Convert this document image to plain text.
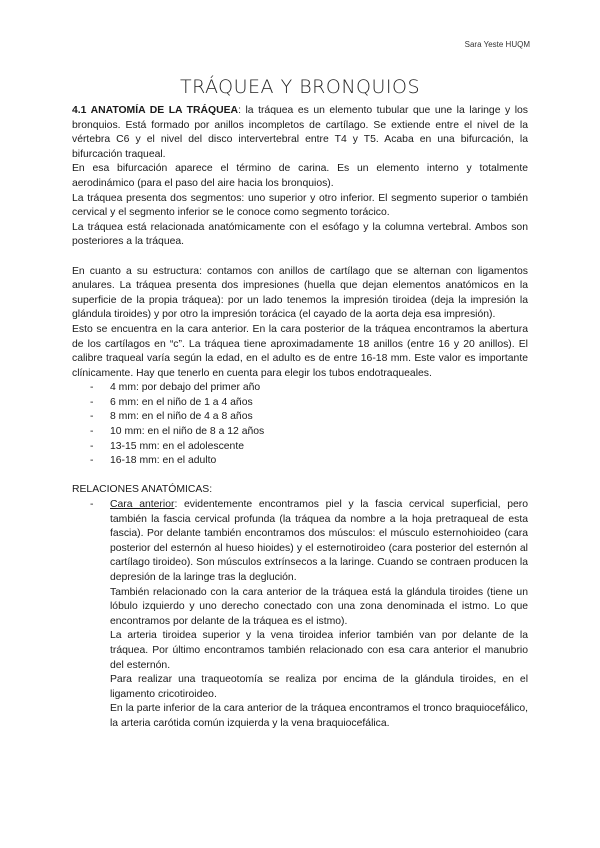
Sara Yeste HUQM
TRÁQUEA Y BRONQUIOS

4.1 ANATOMÍA DE LA TRÁQUEA: la tráquea es un elemento tubular que une la laringe y los bronquios. Está formado por anillos incompletos de cartílago. Se extiende entre el nivel de la vértebra C6 y el nivel del disco intervertebral entre T4 y T5. Acaba en una bifurcación, la bifurcación traqueal.

En esa bifurcación aparece el término de carina. Es un elemento interno y totalmente aerodinámico (para el paso del aire hacia los bronquios).

La tráquea presenta dos segmentos: uno superior y otro inferior. El segmento superior o también cervical y el segmento inferior se le conoce como segmento torácico.

La tráquea está relacionada anatómicamente con el esófago y la columna vertebral. Ambos son posteriores a la tráquea.

En cuanto a su estructura: contamos con anillos de cartílago que se alternan con ligamentos anulares. La tráquea presenta dos impresiones (huella que dejan elementos anatómicos en la superficie de la propia tráquea): por un lado tenemos la impresión tiroidea (deja la impresión la glándula tiroides) y por otro la impresión torácica (el cayado de la aorta deja esa impresión).

Esto se encuentra en la cara anterior. En la cara posterior de la tráquea encontramos la abertura de los cartílagos en “c”. La tráquea tiene aproximadamente 18 anillos (entre 16 y 20 anillos). El calibre traqueal varía según la edad, en el adulto es de entre 16-18 mm. Este valor es importante clínicamente. Hay que tenerlo en cuenta para elegir los tubos endotraqueales.

- 4 mm: por debajo del primer año
- 6 mm: en el niño de 1 a 4 años
- 8 mm: en el niño de 4 a 8 años
- 10 mm: en el niño de 8 a 12 años
- 13-15 mm: en el adolescente
- 16-18 mm: en el adulto

RELACIONES ANATÓMICAS:

- Cara anterior: evidentemente encontramos piel y la fascia cervical superficial, pero también la fascia cervical profunda (la tráquea da nombre a la hoja pretraqueal de esta fascia). Por delante también encontramos dos músculos: el músculo esternohioideo (cara posterior del esternón al hueso hioides) y el esternotiroideo (cara posterior del esternón al cartílago tiroideo). Son músculos extrínsecos a la laringe. Cuando se contraen producen la depresión de la laringe tras la deglución.

También relacionado con la cara anterior de la tráquea está la glándula tiroides (tiene un lóbulo izquierdo y uno derecho conectado con una zona denominada el istmo. Lo que encontramos por delante de la tráquea es el istmo).

La arteria tiroidea superior y la vena tiroidea inferior también van por delante de la tráquea. Por último encontramos también relacionado con esa cara anterior el manubrio del esternón.

Para realizar una traqueotomía se realiza por encima de la glándula tiroides, en el ligamento cricotiroideo.

En la parte inferior de la cara anterior de la tráquea encontramos el tronco braquiocefálico, la arteria carótida común izquierda y la vena braquiocefálica.
